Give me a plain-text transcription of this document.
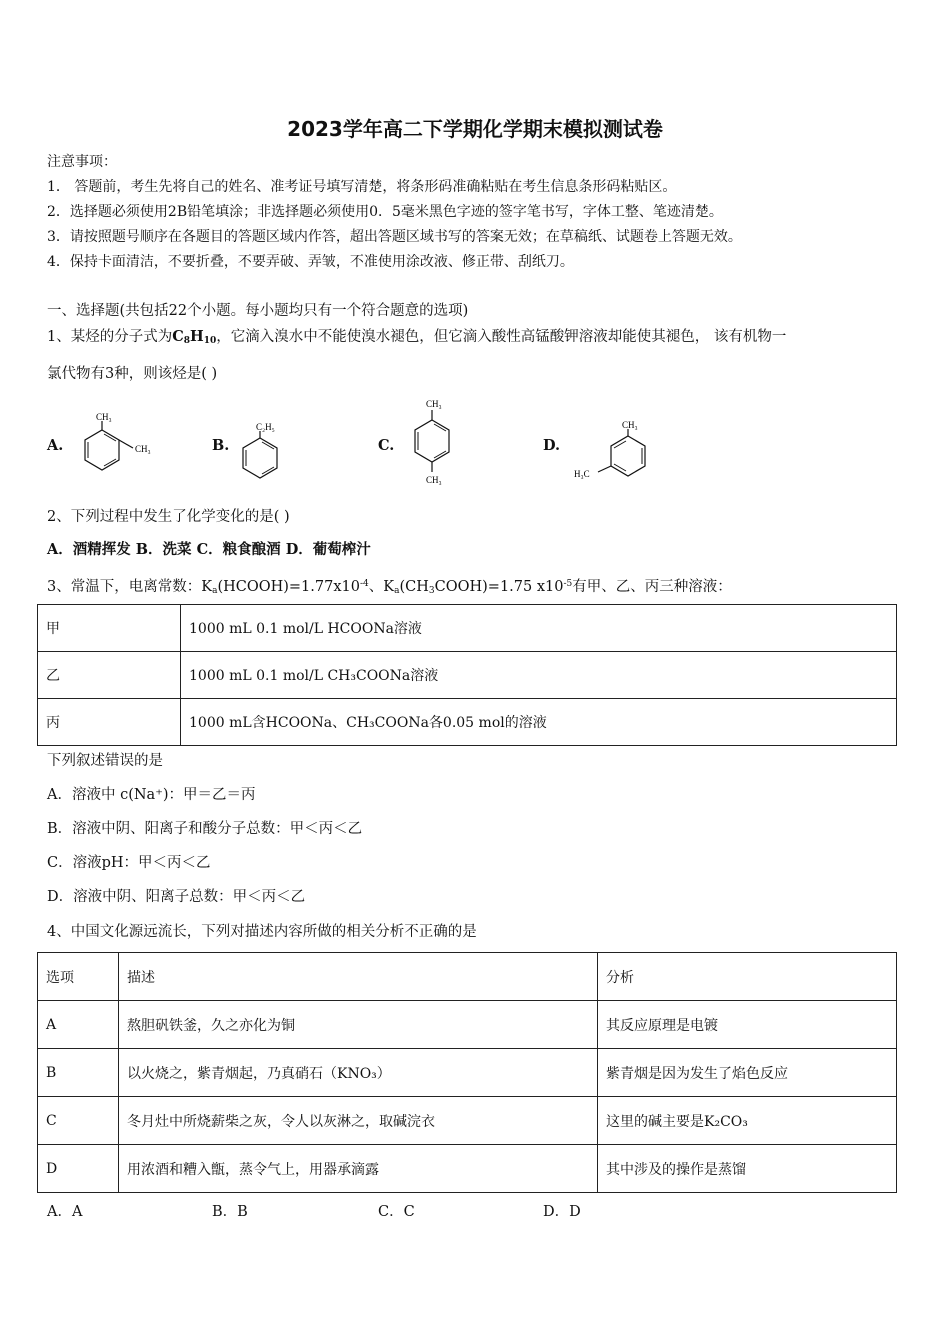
2023学年高二下学期化学期末模拟测试卷
注意事项：
1． 答题前，考生先将自己的姓名、准考证号填写清楚，将条形码准确粘贴在考生信息条形码粘贴区。
2．选择题必须使用2B铅笔填涂；非选择题必须使用0．5毫米黑色字迹的签字笔书写，字体工整、笔迹清楚。
3．请按照题号顺序在各题目的答题区域内作答，超出答题区域书写的答案无效；在草稿纸、试题卷上答题无效。
4．保持卡面清洁，不要折叠，不要弄破、弄皱，不准使用涂改液、修正带、刮纸刀。
一、选择题(共包括22个小题。每小题均只有一个符合题意的选项)
1、某烃的分子式为$C_8H_{10}$，它滴入溴水中不能使溴水褪色，但它滴入酸性高锰酸钾溶液却能使其褪色， 该有机物一
氯代物有3种，则该烃是( )
A.	B.	C.	D.
CH₃
CH₃
C₂H₅
CH₃
CH₃
CH₃
H₃C
2、下列过程中发生了化学变化的是( )
A．酒精挥发 B．洗菜 C．粮食酿酒 D．葡萄榨汁
3、常温下，电离常数：$K_a(HCOOH)=1.77x10^{-4}$、$K_a(CH_3COOH)=1.75$ $x10^{-5}$有甲、乙、丙三种溶液：
甲	1000 mL 0.1 mol/L HCOONa溶液
乙	1000 mL 0.1 mol/L CH₃COONa溶液
丙	1000 mL含HCOONa、CH₃COONa各0.05 mol的溶液
下列叙述错误的是
A．溶液中 c(Na⁺)：甲＝乙＝丙
B．溶液中阴、阳离子和酸分子总数：甲＜丙＜乙
C．溶液pH：甲＜丙＜乙
D．溶液中阴、阳离子总数：甲＜丙＜乙
4、中国文化源远流长，下列对描述内容所做的相关分析不正确的是
选项	描述	分析
A	熬胆矾铁釜，久之亦化为铜	其反应原理是电镀
B	以火烧之，紫青烟起，乃真硝石（KNO₃）	紫青烟是因为发生了焰色反应
C	冬月灶中所烧薪柴之灰，令人以灰淋之，取碱浣衣	这里的碱主要是K₂CO₃
D	用浓酒和糟入甑，蒸令气上，用器承滴露	其中涉及的操作是蒸馏
A．A	B．B	C．C	D．D
